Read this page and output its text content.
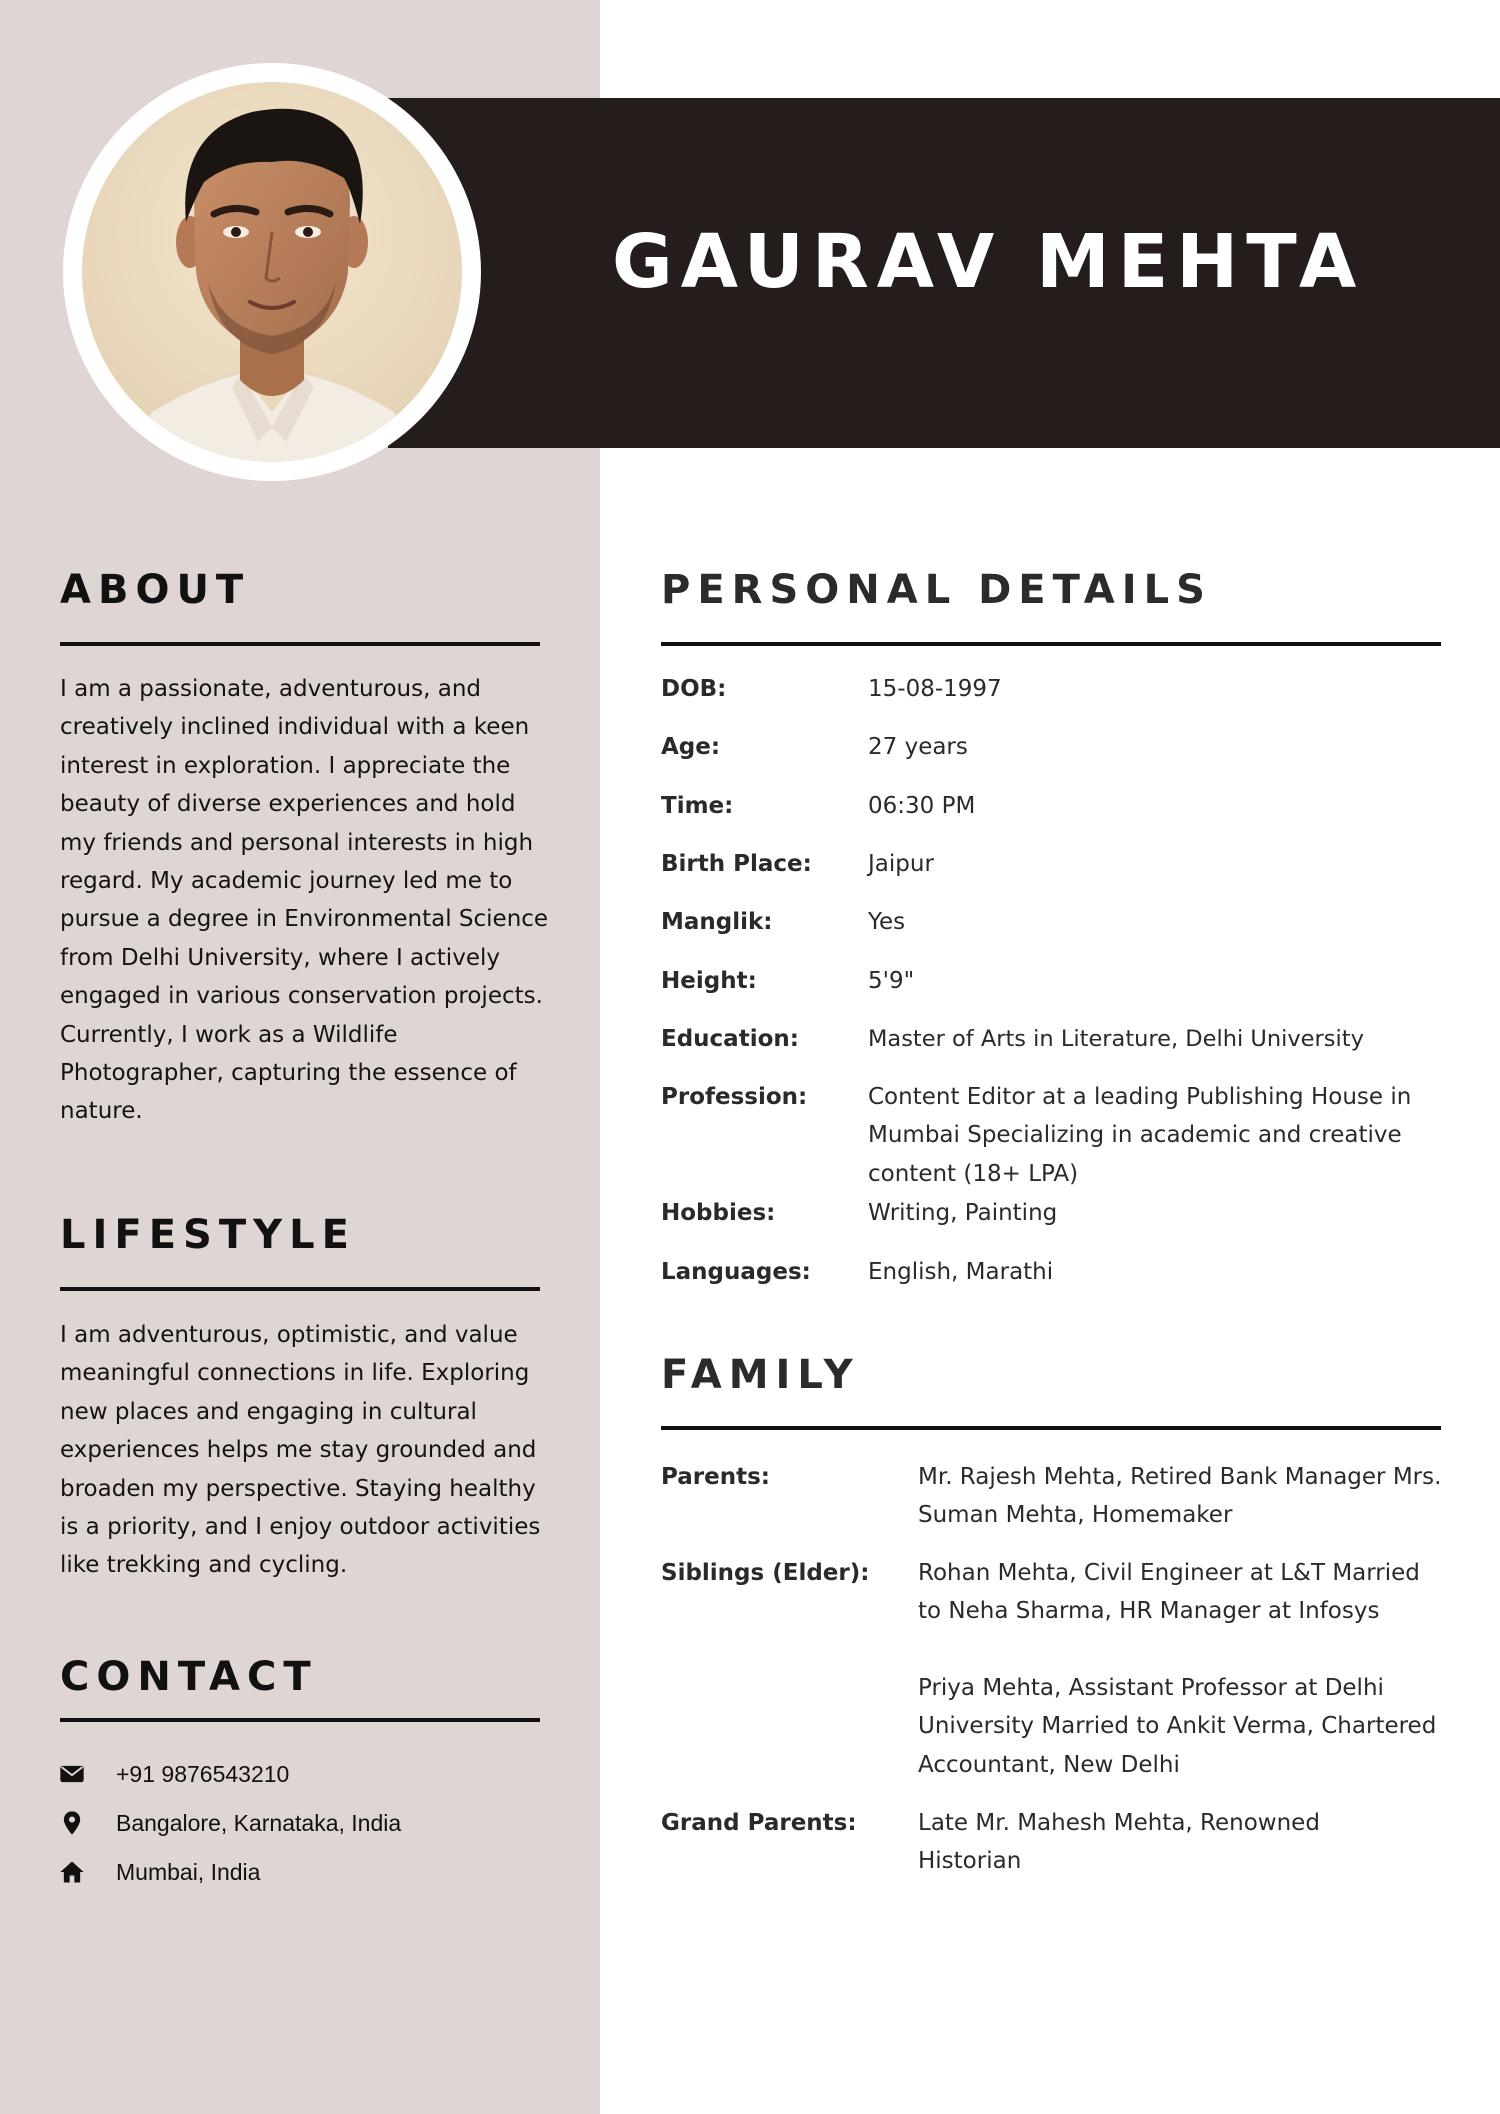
GAURAV MEHTA
ABOUT

I am a passionate, adventurous, and creatively inclined individual with a keen interest in exploration. I appreciate the beauty of diverse experiences and hold my friends and personal interests in high regard. My academic journey led me to pursue a degree in Environmental Science from Delhi University, where I actively engaged in various conservation projects. Currently, I work as a Wildlife Photographer, capturing the essence of nature.

LIFESTYLE

I am adventurous, optimistic, and value meaningful connections in life. Exploring new places and engaging in cultural experiences helps me stay grounded and broaden my perspective. Staying healthy is a priority, and I enjoy outdoor activities like trekking and cycling.

CONTACT
+91 9876543210
Bangalore, Karnataka, India
Mumbai, India
PERSONAL DETAILS
DOB:	15-08-1997
Age:	27 years
Time:	06:30 PM
Birth Place: Jaipur
Manglik:	Yes
Height:	5'9"
Education:	Master of Arts in Literature, Delhi University
Profession:	Content Editor at a leading Publishing House in Mumbai Specializing in academic and creative content (18+ LPA)
Hobbies:	Writing, Painting
Languages: English, Marathi
FAMILY
Parents:	Mr. Rajesh Mehta, Retired Bank Manager Mrs. Suman Mehta, Homemaker
Siblings (Elder): Rohan Mehta, Civil Engineer at L&T Married to Neha Sharma, HR Manager at Infosys
Priya Mehta, Assistant Professor at Delhi University Married to Ankit Verma, Chartered Accountant, New Delhi
Grand Parents:	Late Mr. Mahesh Mehta, Renowned Historian
